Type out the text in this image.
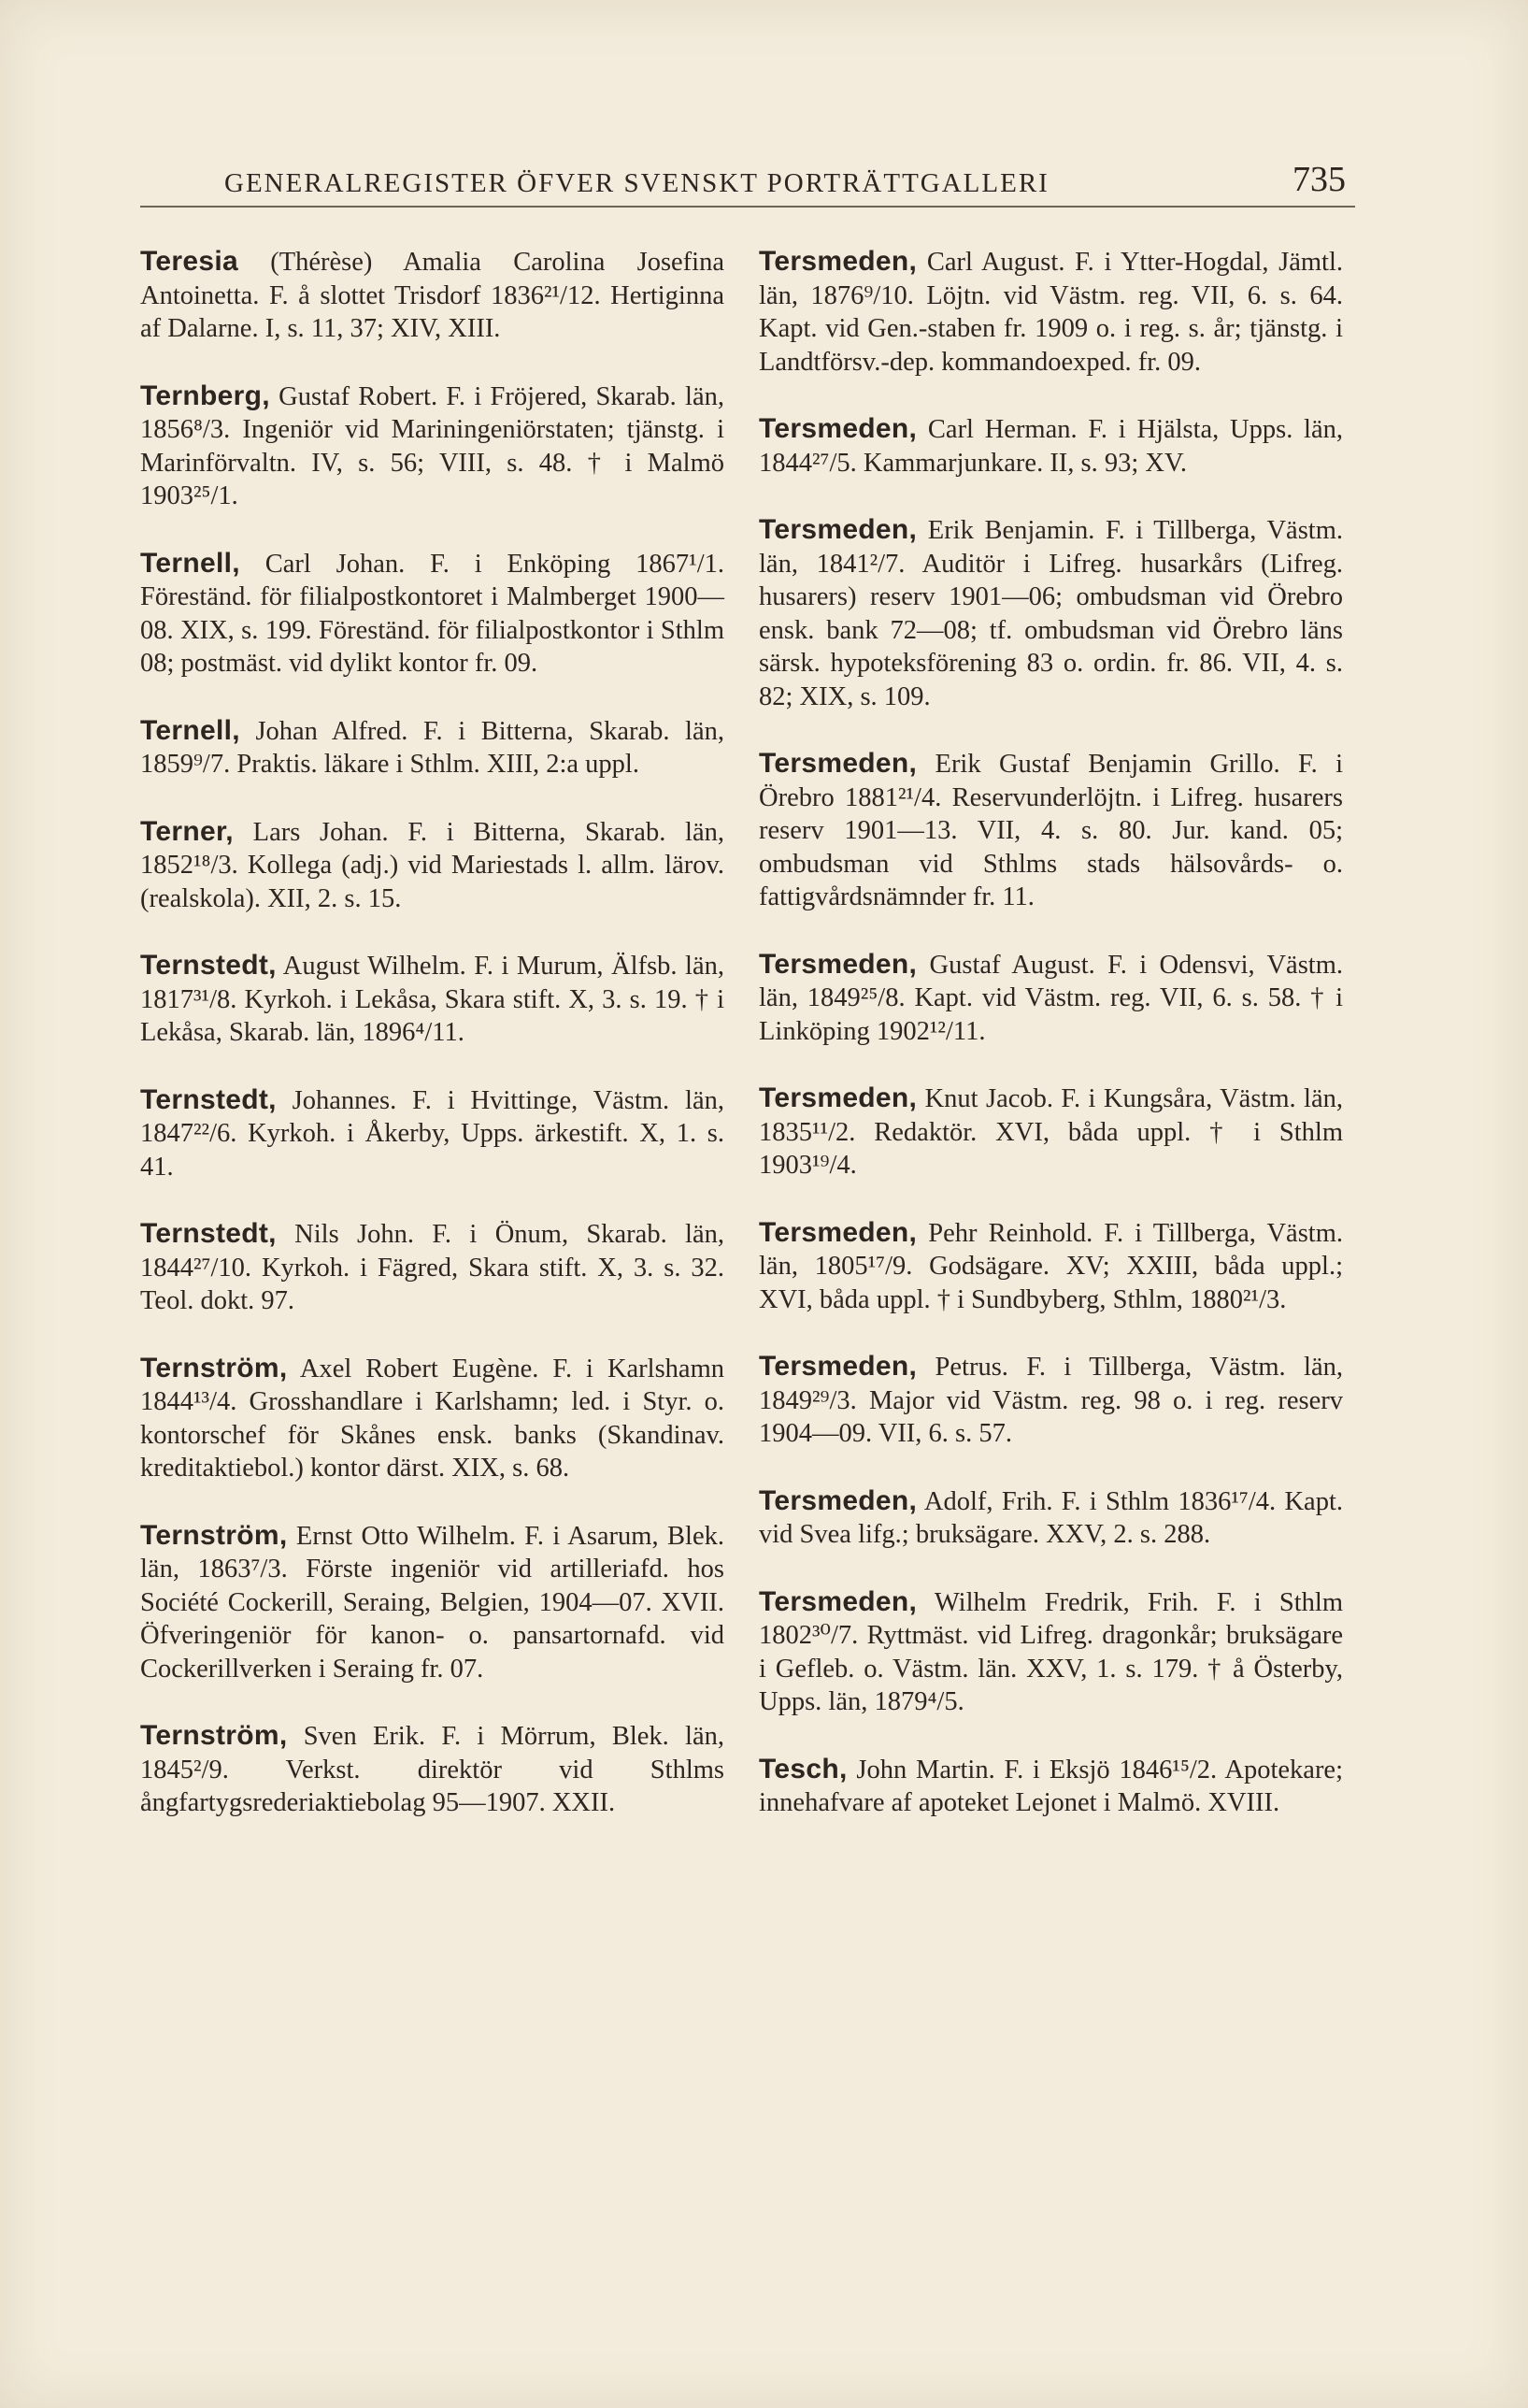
GENERALREGISTER ÖFVER SVENSKT PORTRÄTTGALLERI	735

Teresia (Thérèse) Amalia Carolina Josefina Antoinetta. F. å slottet Trisdorf 1836²¹/12. Hertiginna af Dalarne. I, s. 11, 37; XIV, XIII.

Ternberg, Gustaf Robert. F. i Fröjered, Skarab. län, 1856⁸/3. Ingeniör vid Mariningeniörstaten; tjänstg. i Marinförvaltn. IV, s. 56; VIII, s. 48. † i Malmö 1903²⁵/1.

Ternell, Carl Johan. F. i Enköping 1867¹/1. Föreständ. för filialpostkontoret i Malmberget 1900—08. XIX, s. 199. Föreständ. för filialpostkontor i Sthlm 08; postmäst. vid dylikt kontor fr. 09.

Ternell, Johan Alfred. F. i Bitterna, Skarab. län, 1859⁹/7. Praktis. läkare i Sthlm. XIII, 2:a uppl.

Terner, Lars Johan. F. i Bitterna, Skarab. län, 1852¹⁸/3. Kollega (adj.) vid Mariestads l. allm. lärov. (realskola). XII, 2. s. 15.

Ternstedt, August Wilhelm. F. i Murum, Älfsb. län, 1817³¹/8. Kyrkoh. i Lekåsa, Skara stift. X, 3. s. 19. † i Lekåsa, Skarab. län, 1896⁴/11.

Ternstedt, Johannes. F. i Hvittinge, Västm. län, 1847²²/6. Kyrkoh. i Åkerby, Upps. ärkestift. X, 1. s. 41.

Ternstedt, Nils John. F. i Önum, Skarab. län, 1844²⁷/10. Kyrkoh. i Fägred, Skara stift. X, 3. s. 32. Teol. dokt. 97.

Ternström, Axel Robert Eugène. F. i Karlshamn 1844¹³/4. Grosshandlare i Karlshamn; led. i Styr. o. kontorschef för Skånes ensk. banks (Skandinav. kreditaktiebol.) kontor därst. XIX, s. 68.

Ternström, Ernst Otto Wilhelm. F. i Asarum, Blek. län, 1863⁷/3. Förste ingeniör vid artilleriafd. hos Société Cockerill, Seraing, Belgien, 1904—07. XVII. Öfveringeniör för kanon- o. pansartornafd. vid Cockerillverken i Seraing fr. 07.

Ternström, Sven Erik. F. i Mörrum, Blek. län, 1845²/9. Verkst. direktör vid Sthlms ångfartygsrederiaktiebolag 95—1907. XXII.

Tersmeden, Carl August. F. i Ytter-Hogdal, Jämtl. län, 1876⁹/10. Löjtn. vid Västm. reg. VII, 6. s. 64. Kapt. vid Gen.-staben fr. 1909 o. i reg. s. år; tjänstg. i Landtförsv.-dep. kommandoexped. fr. 09.

Tersmeden, Carl Herman. F. i Hjälsta, Upps. län, 1844²⁷/5. Kammarjunkare. II, s. 93; XV.

Tersmeden, Erik Benjamin. F. i Tillberga, Västm. län, 1841²/7. Auditör i Lifreg. husarkårs (Lifreg. husarers) reserv 1901—06; ombudsman vid Örebro ensk. bank 72—08; tf. ombudsman vid Örebro läns särsk. hypoteksförening 83 o. ordin. fr. 86. VII, 4. s. 82; XIX, s. 109.

Tersmeden, Erik Gustaf Benjamin Grillo. F. i Örebro 1881²¹/4. Reservunderlöjtn. i Lifreg. husarers reserv 1901—13. VII, 4. s. 80. Jur. kand. 05; ombudsman vid Sthlms stads hälsovårds- o. fattigvårdsnämnder fr. 11.

Tersmeden, Gustaf August. F. i Odensvi, Västm. län, 1849²⁵/8. Kapt. vid Västm. reg. VII, 6. s. 58. † i Linköping 1902¹²/11.

Tersmeden, Knut Jacob. F. i Kungsåra, Västm. län, 1835¹¹/2. Redaktör. XVI, båda uppl. † i Sthlm 1903¹⁹/4.

Tersmeden, Pehr Reinhold. F. i Tillberga, Västm. län, 1805¹⁷/9. Godsägare. XV; XXIII, båda uppl.; XVI, båda uppl. † i Sundbyberg, Sthlm, 1880²¹/3.

Tersmeden, Petrus. F. i Tillberga, Västm. län, 1849²⁹/3. Major vid Västm. reg. 98 o. i reg. reserv 1904—09. VII, 6. s. 57.

Tersmeden, Adolf, Frih. F. i Sthlm 1836¹⁷/4. Kapt. vid Svea lifg.; bruksägare. XXV, 2. s. 288.

Tersmeden, Wilhelm Fredrik, Frih. F. i Sthlm 1802³⁰/7. Ryttmäst. vid Lifreg. dragonkår; bruksägare i Gefleb. o. Västm. län. XXV, 1. s. 179. † å Österby, Upps. län, 1879⁴/5.

Tesch, John Martin. F. i Eksjö 1846¹⁵/2. Apotekare; innehafvare af apoteket Lejonet i Malmö. XVIII.
